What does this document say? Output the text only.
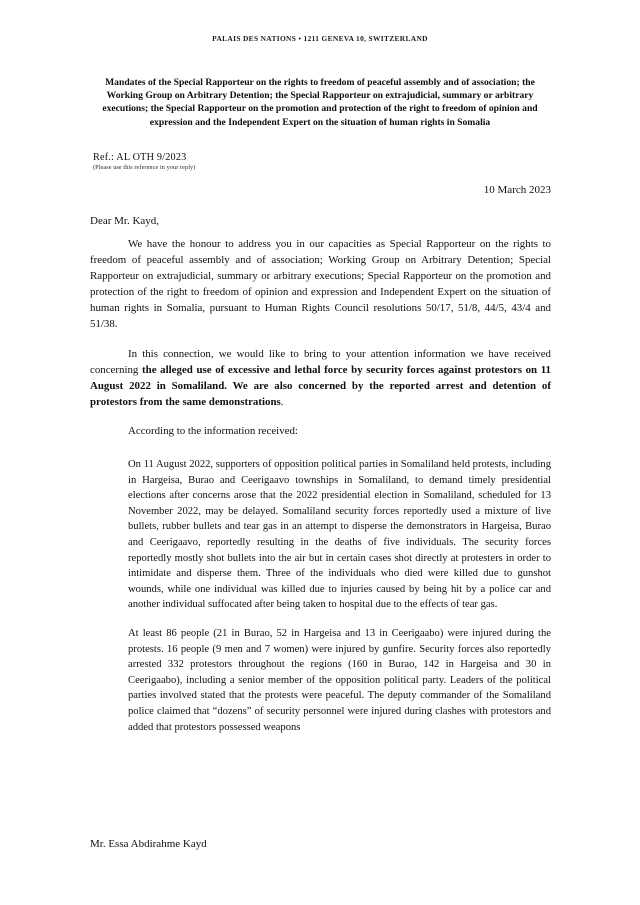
PALAIS DES NATIONS • 1211 GENEVA 10, SWITZERLAND
Mandates of the Special Rapporteur on the rights to freedom of peaceful assembly and of association; the Working Group on Arbitrary Detention; the Special Rapporteur on extrajudicial, summary or arbitrary executions; the Special Rapporteur on the promotion and protection of the right to freedom of opinion and expression and the Independent Expert on the situation of human rights in Somalia
Ref.: AL OTH 9/2023
(Please use this reference in your reply)
10 March 2023
Dear Mr. Kayd,

We have the honour to address you in our capacities as Special Rapporteur on the rights to freedom of peaceful assembly and of association; Working Group on Arbitrary Detention; Special Rapporteur on extrajudicial, summary or arbitrary executions; Special Rapporteur on the promotion and protection of the right to freedom of opinion and expression and Independent Expert on the situation of human rights in Somalia, pursuant to Human Rights Council resolutions 50/17, 51/8, 44/5, 43/4 and 51/38.

In this connection, we would like to bring to your attention information we have received concerning the alleged use of excessive and lethal force by security forces against protestors on 11 August 2022 in Somaliland. We are also concerned by the reported arrest and detention of protestors from the same demonstrations.

According to the information received:

On 11 August 2022, supporters of opposition political parties in Somaliland held protests, including in Hargeisa, Burao and Ceerigaavo townships in Somaliland, to demand timely presidential elections after concerns arose that the 2022 presidential election in Somaliland, scheduled for 13 November 2022, may be delayed. Somaliland security forces reportedly used a mixture of live bullets, rubber bullets and tear gas in an attempt to disperse the demonstrators in Hargeisa, Burao and Ceerigaavo, reportedly resulting in the deaths of five individuals. The security forces reportedly mostly shot bullets into the air but in certain cases shot directly at protesters in order to intimidate and disperse them. Three of the individuals who died were killed due to gunshot wounds, while one individual was killed due to injuries caused by being hit by a police car and another individual suffocated after being taken to hospital due to the effects of tear gas.

At least 86 people (21 in Burao, 52 in Hargeisa and 13 in Ceerigaabo) were injured during the protests. 16 people (9 men and 7 women) were injured by gunfire. Security forces also reportedly arrested 332 protestors throughout the regions (160 in Burao, 142 in Hargeisa and 30 in Ceerigaabo), including a senior member of the opposition political party. Leaders of the political parties involved stated that the protests were peaceful. The deputy commander of the Somaliland police claimed that “dozens” of security personnel were injured during clashes with protestors and added that protestors possessed weapons

Mr. Essa Abdirahme Kayd
